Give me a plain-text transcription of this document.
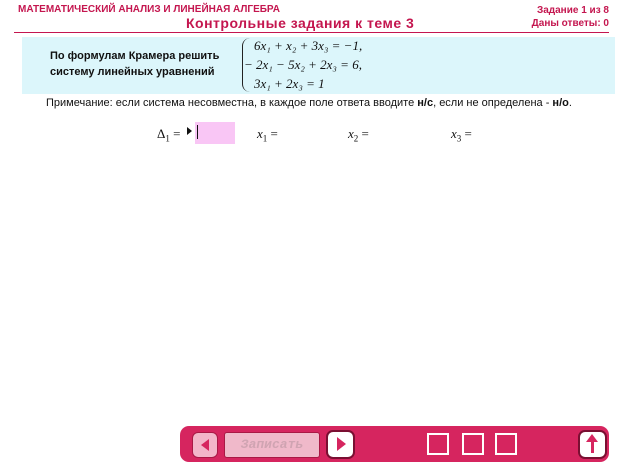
МАТЕМАТИЧЕСКИЙ АНАЛИЗ И ЛИНЕЙНАЯ АЛГЕБРА
Контрольные задания к теме 3
Задание 1 из 8
Даны ответы: 0
По формулам Крамера решить
систему линейных уравнений
6x₁ + x₂ + 3x₃ = −1,
− 2x₁ − 5x₂ + 2x₃ = 6,
3x₁ + 2x₃ = 1
Примечание: если система несовместна, в каждое поле ответа вводите н/с, если не определена - н/о.
$\Delta_1$ =	$x_1$ =	$x_2$ =	$x_3$ =
Записать
